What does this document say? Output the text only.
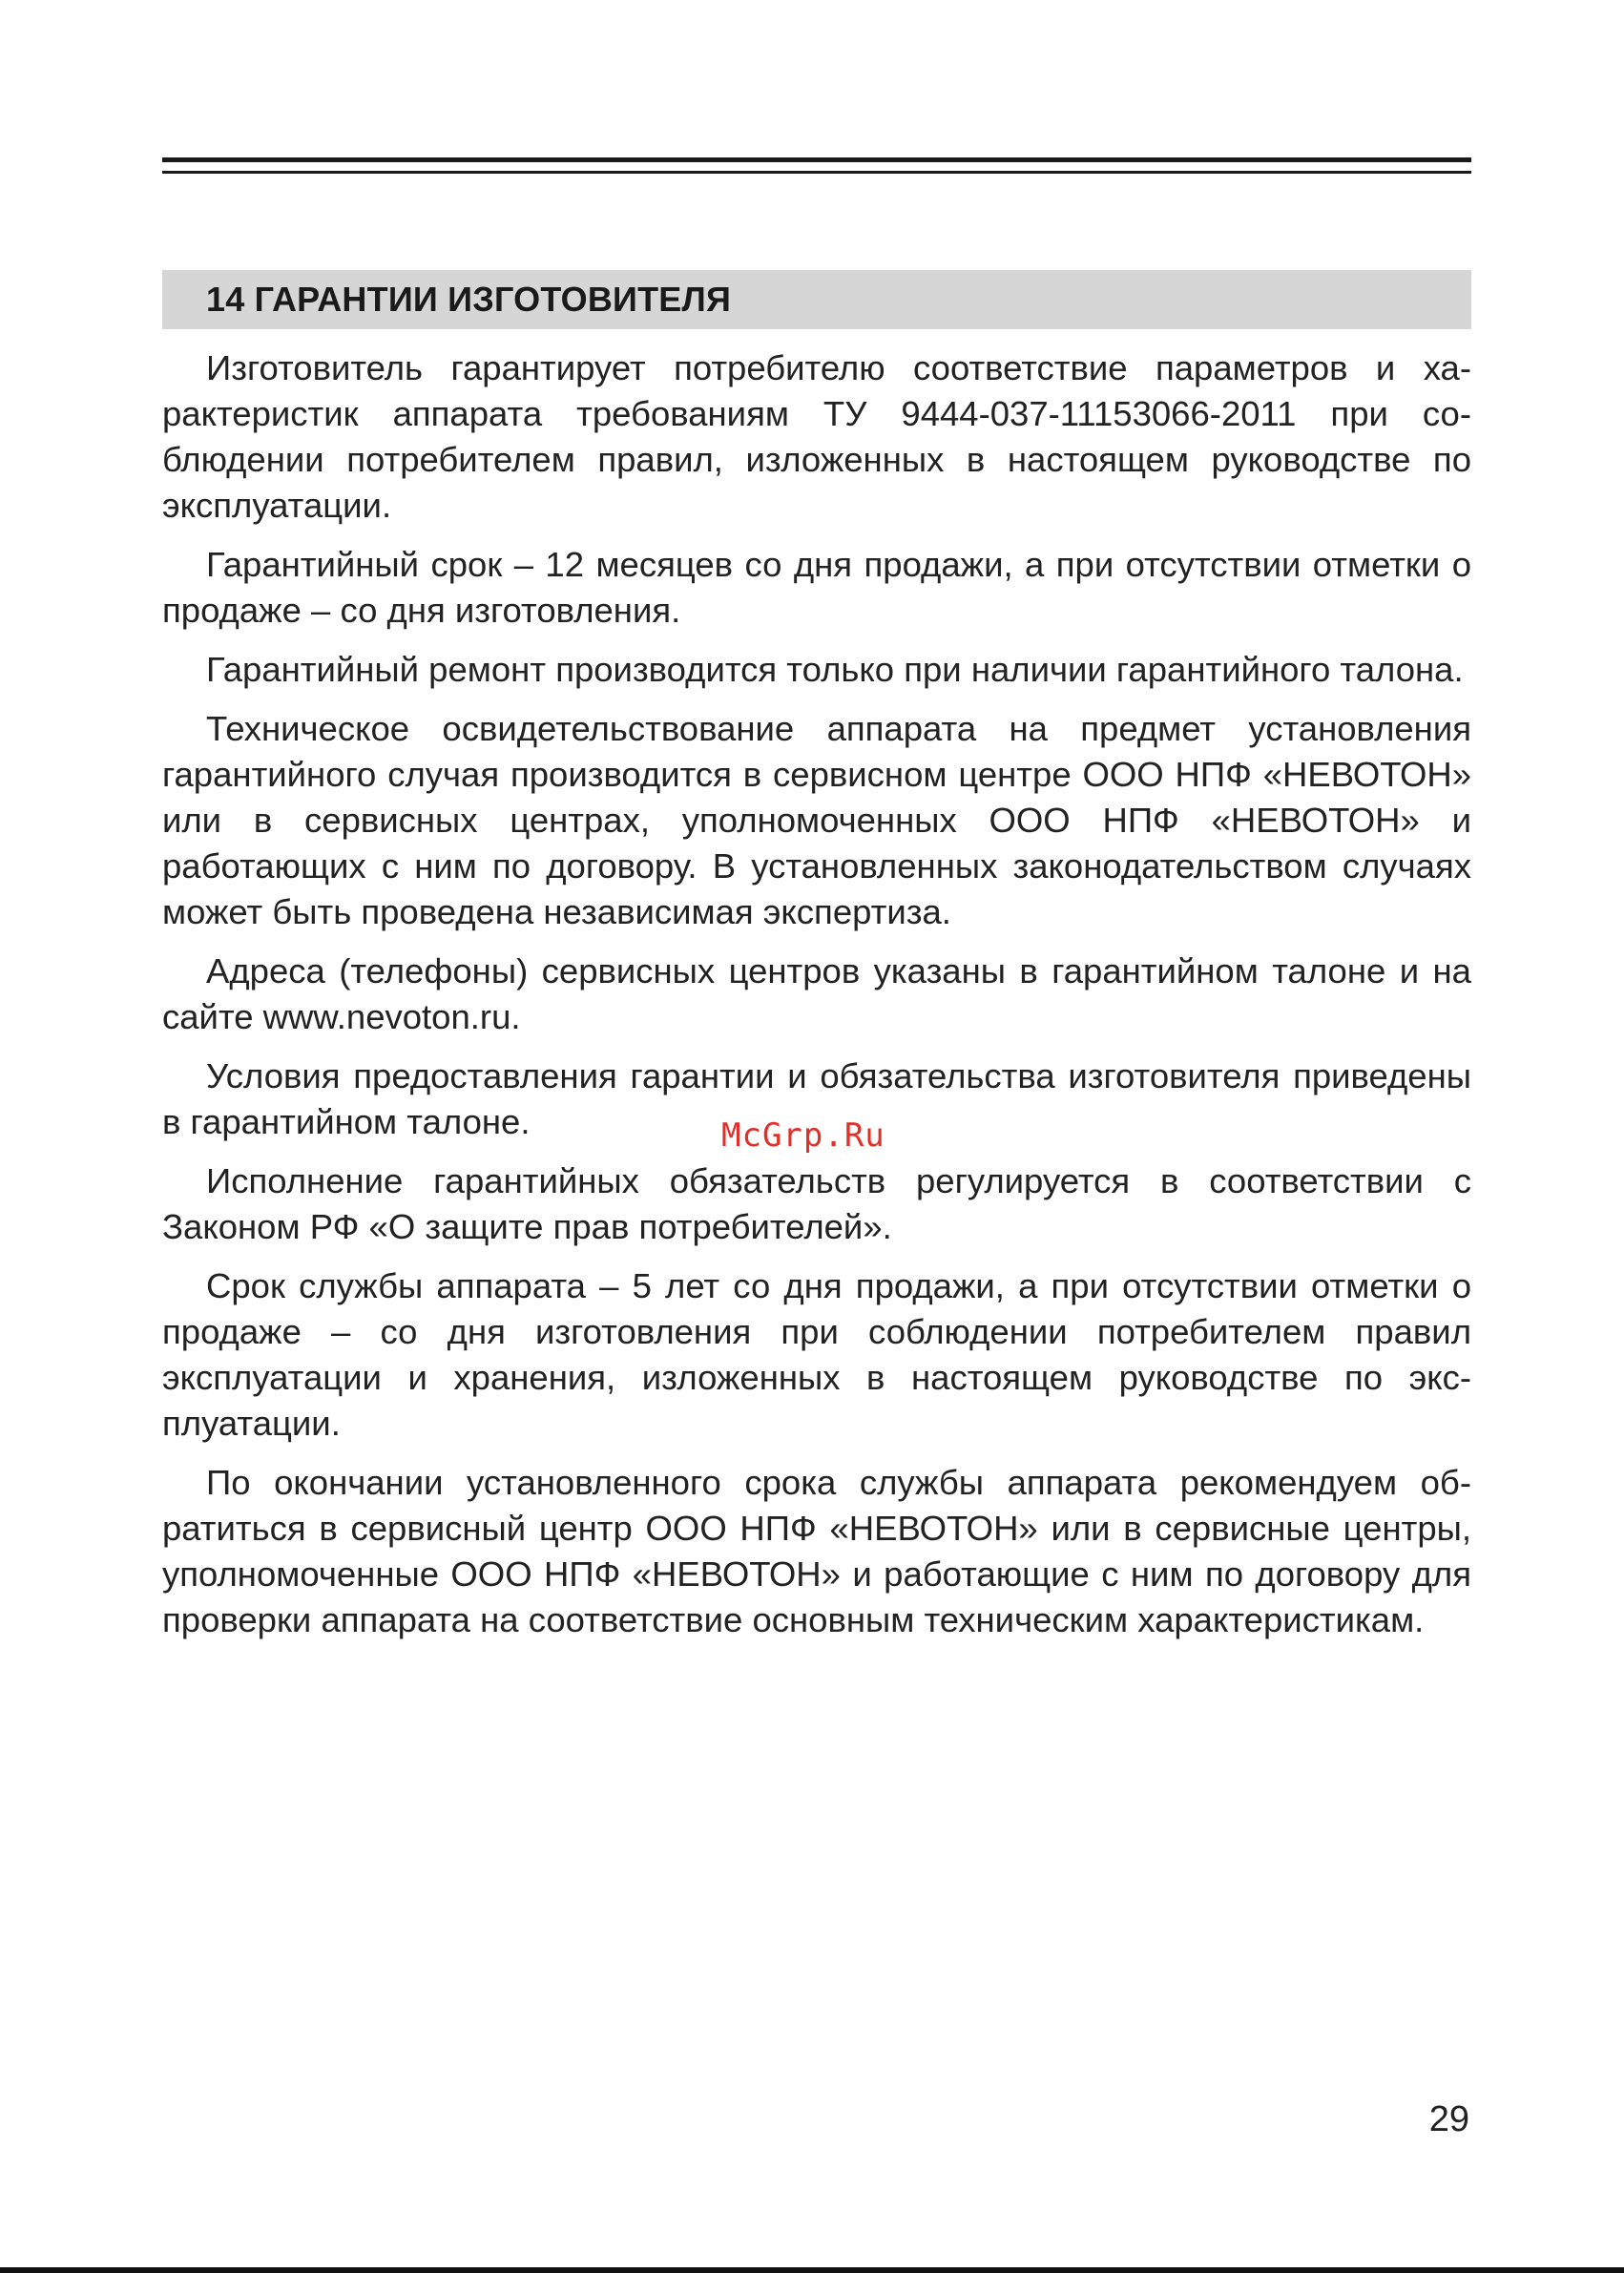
14 ГАРАНТИИ ИЗГОТОВИТЕЛЯ

Изготовитель гарантирует потребителю соответствие параметров и характеристик аппарата требованиям ТУ 9444-037-11153066-2011 при соблюдении потребителем правил, изложенных в настоящем руководстве по эксплуатации.

Гарантийный срок – 12 месяцев со дня продажи, а при отсутствии отметки о продаже – со дня изготовления.

Гарантийный ремонт производится только при наличии гарантийного талона.

Техническое освидетельствование аппарата на предмет установления гарантийного случая производится в сервисном центре ООО НПФ «НЕВОТОН» или в сервисных центрах, уполномоченных ООО НПФ «НЕВОТОН» и работающих с ним по договору. В установленных законодательством случаях может быть проведена независимая экспертиза.

Адреса (телефоны) сервисных центров указаны в гарантийном талоне и на сайте www.nevoton.ru.

Условия предоставления гарантии и обязательства изготовителя приведены в гарантийном талоне.

Исполнение гарантийных обязательств регулируется в соответствии с Законом РФ «О защите прав потребителей».

Срок службы аппарата – 5 лет со дня продажи, а при отсутствии отметки о продаже – со дня изготовления при соблюдении потребителем правил эксплуатации и хранения, изложенных в настоящем руководстве по эксплуатации.

По окончании установленного срока службы аппарата рекомендуем обратиться в сервисный центр ООО НПФ «НЕВОТОН» или в сервисные центры, уполномоченные ООО НПФ «НЕВОТОН» и работающие с ним по договору для проверки аппарата на соответствие основным техническим характеристикам.

McGrp.Ru
29
